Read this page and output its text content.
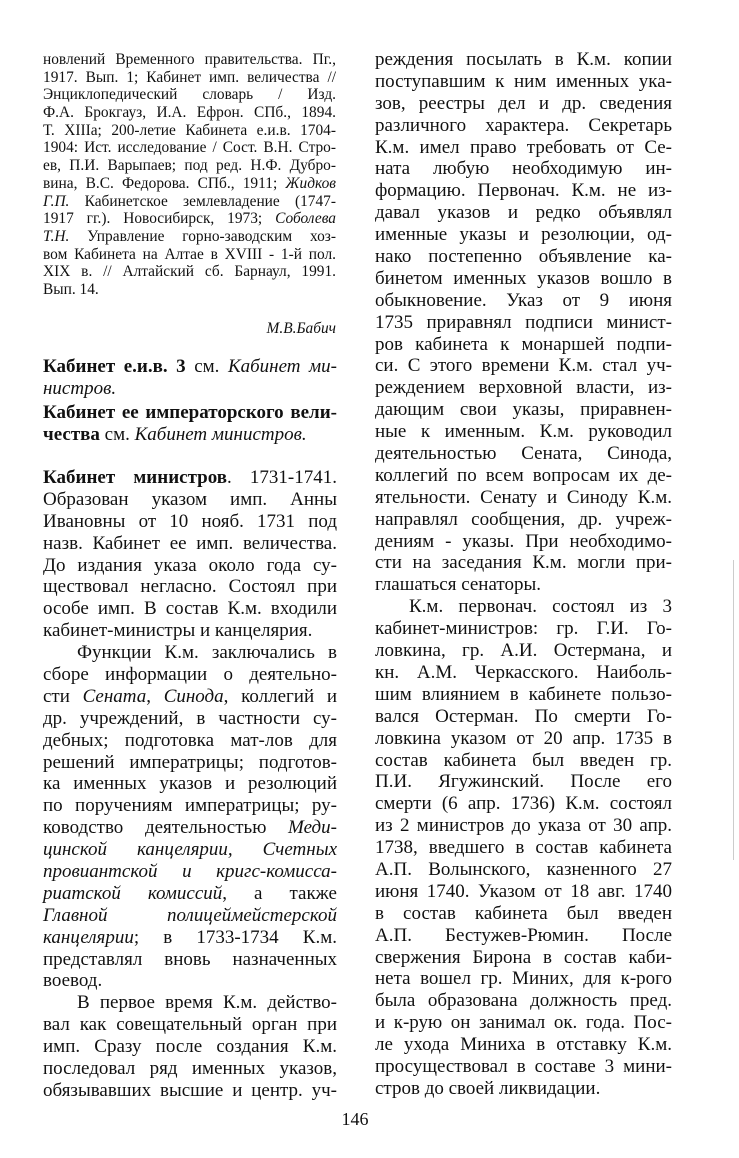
новлений Временного правительства. Пг.,
1917. Вып. 1; Кабинет имп. величества //
Энциклопедический словарь / Изд.
Ф.А. Брокгауз, И.А. Ефрон. СПб., 1894.
Т. XIIIa; 200-летие Кабинета е.и.в. 1704-
1904: Ист. исследование / Сост. В.Н. Стро-
ев, П.И. Варыпаев; под ред. Н.Ф. Дубро-
вина, В.С. Федорова. СПб., 1911; Жидков
Г.П. Кабинетское землевладение (1747-
1917 гг.). Новосибирск, 1973; Соболева
Т.Н. Управление горно-заводским хоз-
вом Кабинета на Алтае в XVIII - 1-й пол.
XIX в. // Алтайский сб. Барнаул, 1991.
Вып. 14.
М.В.Бабич
Кабинет е.и.в. 3 см. Кабинет ми-
нистров.
Кабинет ее императорского вели-
чества см. Кабинет министров.
Кабинет министров. 1731-1741.
Образован указом имп. Анны
Ивановны от 10 нояб. 1731 под
назв. Кабинет ее имп. величества.
До издания указа около года су-
ществовал негласно. Состоял при
особе имп. В состав К.м. входили
кабинет-министры и канцелярия.
Функции К.м. заключались в
сборе информации о деятельно-
сти Сената, Синода, коллегий и
др. учреждений, в частности су-
дебных; подготовка мат-лов для
решений императрицы; подготов-
ка именных указов и резолюций
по поручениям императрицы; ру-
ководство деятельностью Меди-
цинской канцелярии, Счетных
провиантской и кригс-комисса-
риатской комиссий, а также
Главной полицеймейстерской
канцелярии; в 1733-1734 К.м.
представлял вновь назначенных
воевод.
В первое время К.м. действо-
вал как совещательный орган при
имп. Сразу после создания К.м.
последовал ряд именных указов,
обязывавших высшие и центр. уч-
реждения посылать в К.м. копии
поступавшим к ним именных ука-
зов, реестры дел и др. сведения
различного характера. Секретарь
К.м. имел право требовать от Се-
ната любую необходимую ин-
формацию. Первонач. К.м. не из-
давал указов и редко объявлял
именные указы и резолюции, од-
нако постепенно объявление ка-
бинетом именных указов вошло в
обыкновение. Указ от 9 июня
1735 приравнял подписи минист-
ров кабинета к монаршей подпи-
си. С этого времени К.м. стал уч-
реждением верховной власти, из-
дающим свои указы, приравнен-
ные к именным. К.м. руководил
деятельностью Сената, Синода,
коллегий по всем вопросам их де-
ятельности. Сенату и Синоду К.м.
направлял сообщения, др. учреж-
дениям - указы. При необходимо-
сти на заседания К.м. могли при-
глашаться сенаторы.
К.м. первонач. состоял из 3
кабинет-министров: гр. Г.И. Го-
ловкина, гр. А.И. Остермана, и
кн. А.М. Черкасского. Наиболь-
шим влиянием в кабинете пользо-
вался Остерман. По смерти Го-
ловкина указом от 20 апр. 1735 в
состав кабинета был введен гр.
П.И. Ягужинский. После его
смерти (6 апр. 1736) К.м. состоял
из 2 министров до указа от 30 апр.
1738, введшего в состав кабинета
А.П. Волынского, казненного 27
июня 1740. Указом от 18 авг. 1740
в состав кабинета был введен
А.П. Бестужев-Рюмин. После
свержения Бирона в состав каби-
нета вошел гр. Миних, для к-рого
была образована должность пред.
и к-рую он занимал ок. года. Пос-
ле ухода Миниха в отставку К.м.
просуществовал в составе 3 мини-
стров до своей ликвидации.
146
